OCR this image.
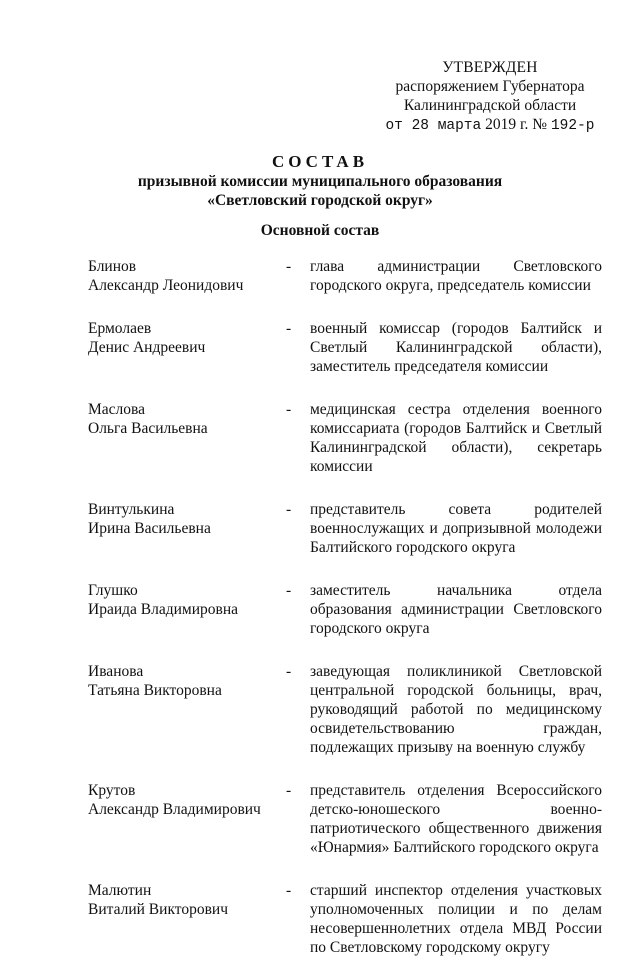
УТВЕРЖДЕН
распоряжением Губернатора
Калининградской области
от 28 марта 2019 г. № 192-р
СОСТАВ
призывной комиссии муниципального образования
«Светловский городской округ»
Основной состав
Блинов
Александр Леонидович
-	глава администрации Светловского городского округа, председатель комиссии
Ермолаев
Денис Андреевич
-	военный комиссар (городов Балтийск и Светлый Калининградской области), заместитель председателя комиссии
Маслова
Ольга Васильевна
-	медицинская сестра отделения военного комиссариата (городов Балтийск и Светлый Калининградской области), секретарь комиссии
Винтулькина
Ирина Васильевна
-	представитель совета родителей военнослужащих и допризывной молодежи Балтийского городского округа
Глушко
Ираида Владимировна
-	заместитель начальника отдела образования администрации Светловского городского округа
Иванова
Татьяна Викторовна
-	заведующая поликлиникой Светловской центральной городской больницы, врач, руководящий работой по медицинскому освидетельствованию граждан, подлежащих призыву на военную службу
Крутов
Александр Владимирович
-	представитель отделения Всероссийского детско-юношеского военно-патриотического общественного движения «Юнармия» Балтийского городского округа
Малютин
Виталий Викторович
-	старший инспектор отделения участковых уполномоченных полиции и по делам несовершеннолетних отдела МВД России по Светловскому городскому округу
